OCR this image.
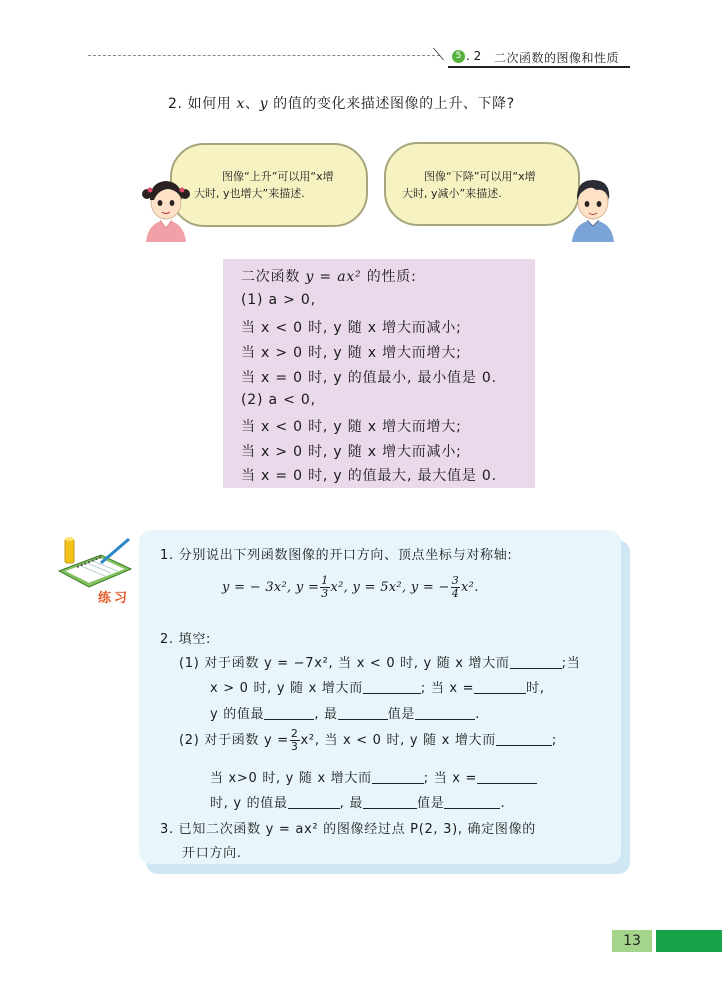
5 . 2 二次函数的图像和性质
2. 如何用 x、y 的值的变化来描述图像的上升、下降?
图像“上升”可以用“x增
大时, y也增大”来描述.
图像“下降”可以用“x增
大时, y减小”来描述.
二次函数 y = ax² 的性质:
(1) a > 0,
当 x < 0 时, y 随 x 增大而减小;
当 x > 0 时, y 随 x 增大而增大;
当 x = 0 时, y 的值最小, 最小值是 0.
(2) a < 0,
当 x < 0 时, y 随 x 增大而增大;
当 x > 0 时, y 随 x 增大而减小;
当 x = 0 时, y 的值最大, 最大值是 0.
练习
1. 分别说出下列函数图像的开口方向、顶点坐标与对称轴:
y = − 3x², $y = \frac{1}{3} x^2$, y = 5x², y = − $\frac{3}{4} x^2$.
2. 填空:
(1) 对于函数 y = −7x², 当 x < 0 时, y 随 x 增大而	;当
x > 0 时, y 随 x 增大而	; 当 x =	时,
y 的值最	, 最	值是	.
(2) 对于函数 $y = \frac{2}{3} x^2$, 当 x < 0 时, y 随 x 增大而	;
当 x>0 时, y 随 x 增大而	; 当 x =
时, y 的值最	, 最	值是	.
3. 已知二次函数 y = ax² 的图像经过点 P(2, 3), 确定图像的
开口方向.
13
